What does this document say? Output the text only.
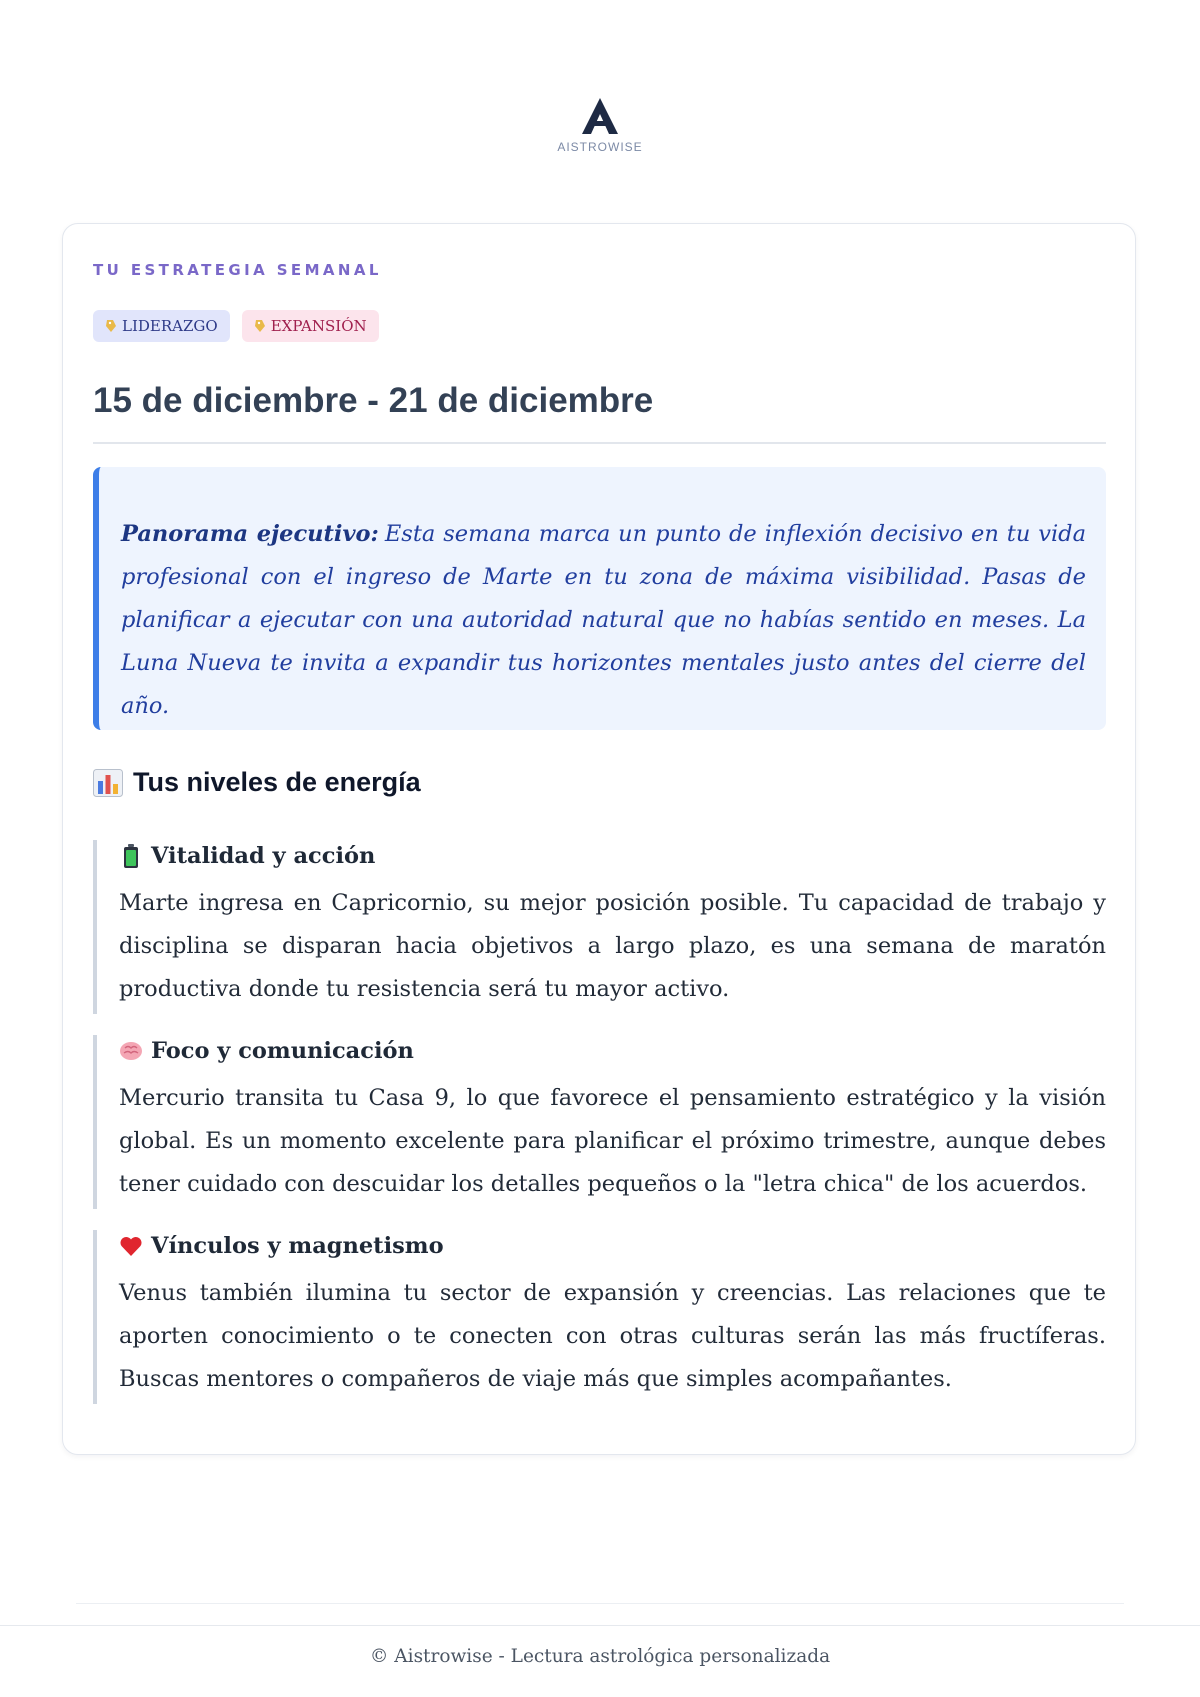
AISTROWISE
TU ESTRATEGIA SEMANAL
LIDERAZGO	EXPANSIÓN
15 de diciembre - 21 de diciembre
Panorama ejecutivo: Esta semana marca un punto de inflexión decisivo en tu vida profesional con el ingreso de Marte en tu zona de máxima visibilidad. Pasas de planificar a ejecutar con una autoridad natural que no habías sentido en meses. La Luna Nueva te invita a expandir tus horizontes mentales justo antes del cierre del año.
Tus niveles de energía
Vitalidad y acción
Marte ingresa en Capricornio, su mejor posición posible. Tu capacidad de trabajo y disciplina se disparan hacia objetivos a largo plazo, es una semana de maratón productiva donde tu resistencia será tu mayor activo.
Foco y comunicación
Mercurio transita tu Casa 9, lo que favorece el pensamiento estratégico y la visión global. Es un momento excelente para planificar el próximo trimestre, aunque debes tener cuidado con descuidar los detalles pequeños o la "letra chica" de los acuerdos.
Vínculos y magnetismo
Venus también ilumina tu sector de expansión y creencias. Las relaciones que te aporten conocimiento o te conecten con otras culturas serán las más fructíferas. Buscas mentores o compañeros de viaje más que simples acompañantes.
© Aistrowise - Lectura astrológica personalizada
